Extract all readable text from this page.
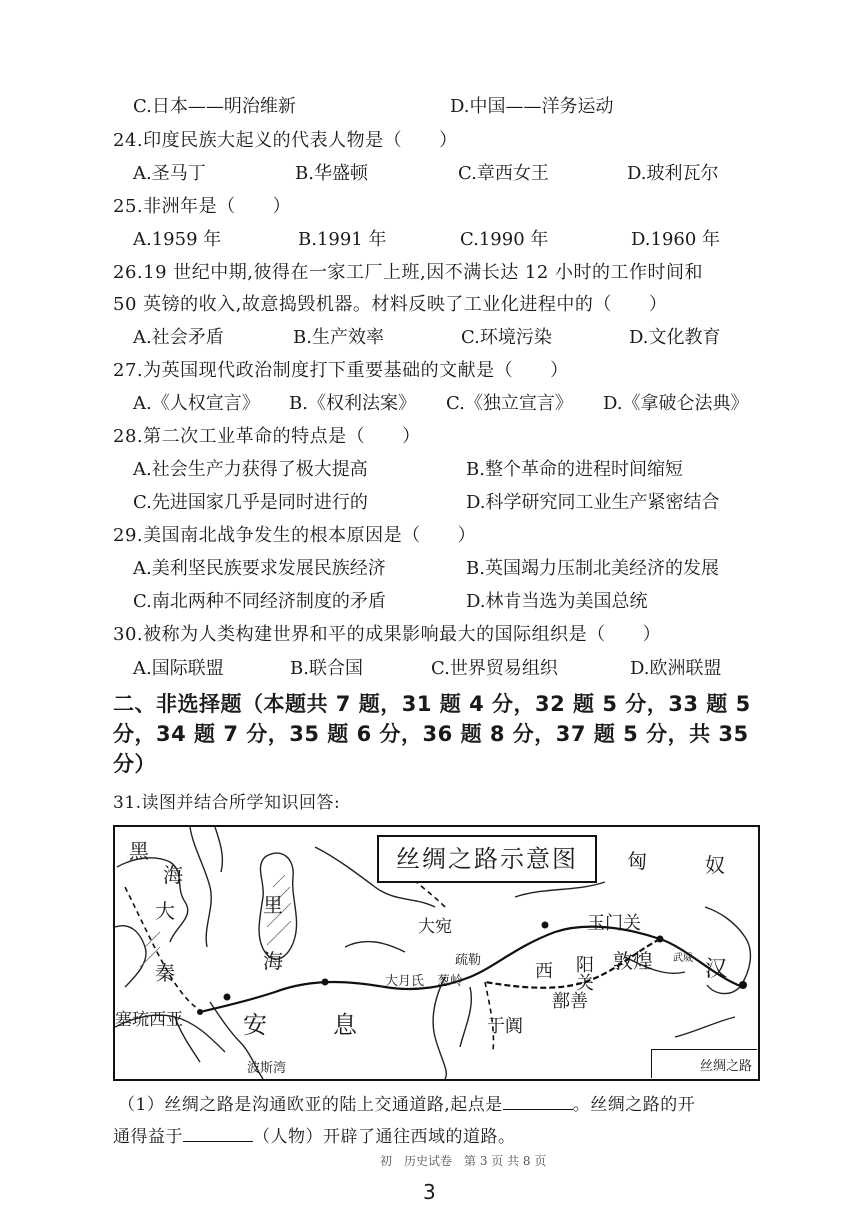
C.日本——明治维新	D.中国——洋务运动
24.印度民族大起义的代表人物是（　　）
A.圣马丁	B.华盛顿	C.章西女王	D.玻利瓦尔
25.非洲年是（　　）
A.1959 年	B.1991 年	C.1990 年	D.1960 年
26.19 世纪中期,彼得在一家工厂上班,因不满长达 12 小时的工作时间和
50 英镑的收入,故意捣毁机器。材料反映了工业化进程中的（　　）
A.社会矛盾	B.生产效率	C.环境污染	D.文化教育
27.为英国现代政治制度打下重要基础的文献是（　　）
A.《人权宣言》 B.《权利法案》 C.《独立宣言》 D.《拿破仑法典》
28.第二次工业革命的特点是（　　）
A.社会生产力获得了极大提高	B.整个革命的进程时间缩短
C.先进国家几乎是同时进行的	D.科学研究同工业生产紧密结合
29.美国南北战争发生的根本原因是（　　）
A.美利坚民族要求发展民族经济	B.英国竭力压制北美经济的发展
C.南北两种不同经济制度的矛盾	D.林肯当选为美国总统
30.被称为人类构建世界和平的成果影响最大的国际组织是（　　）
A.国际联盟	B.联合国	C.世界贸易组织	D.欧洲联盟
二、非选择题（本题共 7 题，31 题 4 分，32 题 5 分，33 题 5
分，34 题 7 分，35 题 6 分，36 题 8 分，37 题 5 分，共 35
分）
31.读图并结合所学知识回答:
丝绸之路示意图
黑
海
大
秦
塞琉西亚
里
海
安	息
波斯湾
大宛
疏勒
大月氏 葱岭
于阗
西 阳关
鄯善
敦煌
玉门关
武威 汉
匈	奴
丝绸之路
（1）丝绸之路是沟通欧亚的陆上交通道路,起点是	。丝绸之路的开
通得益于	（人物）开辟了通往西域的道路。
初　历史试卷　第 3 页 共 8 页
3
